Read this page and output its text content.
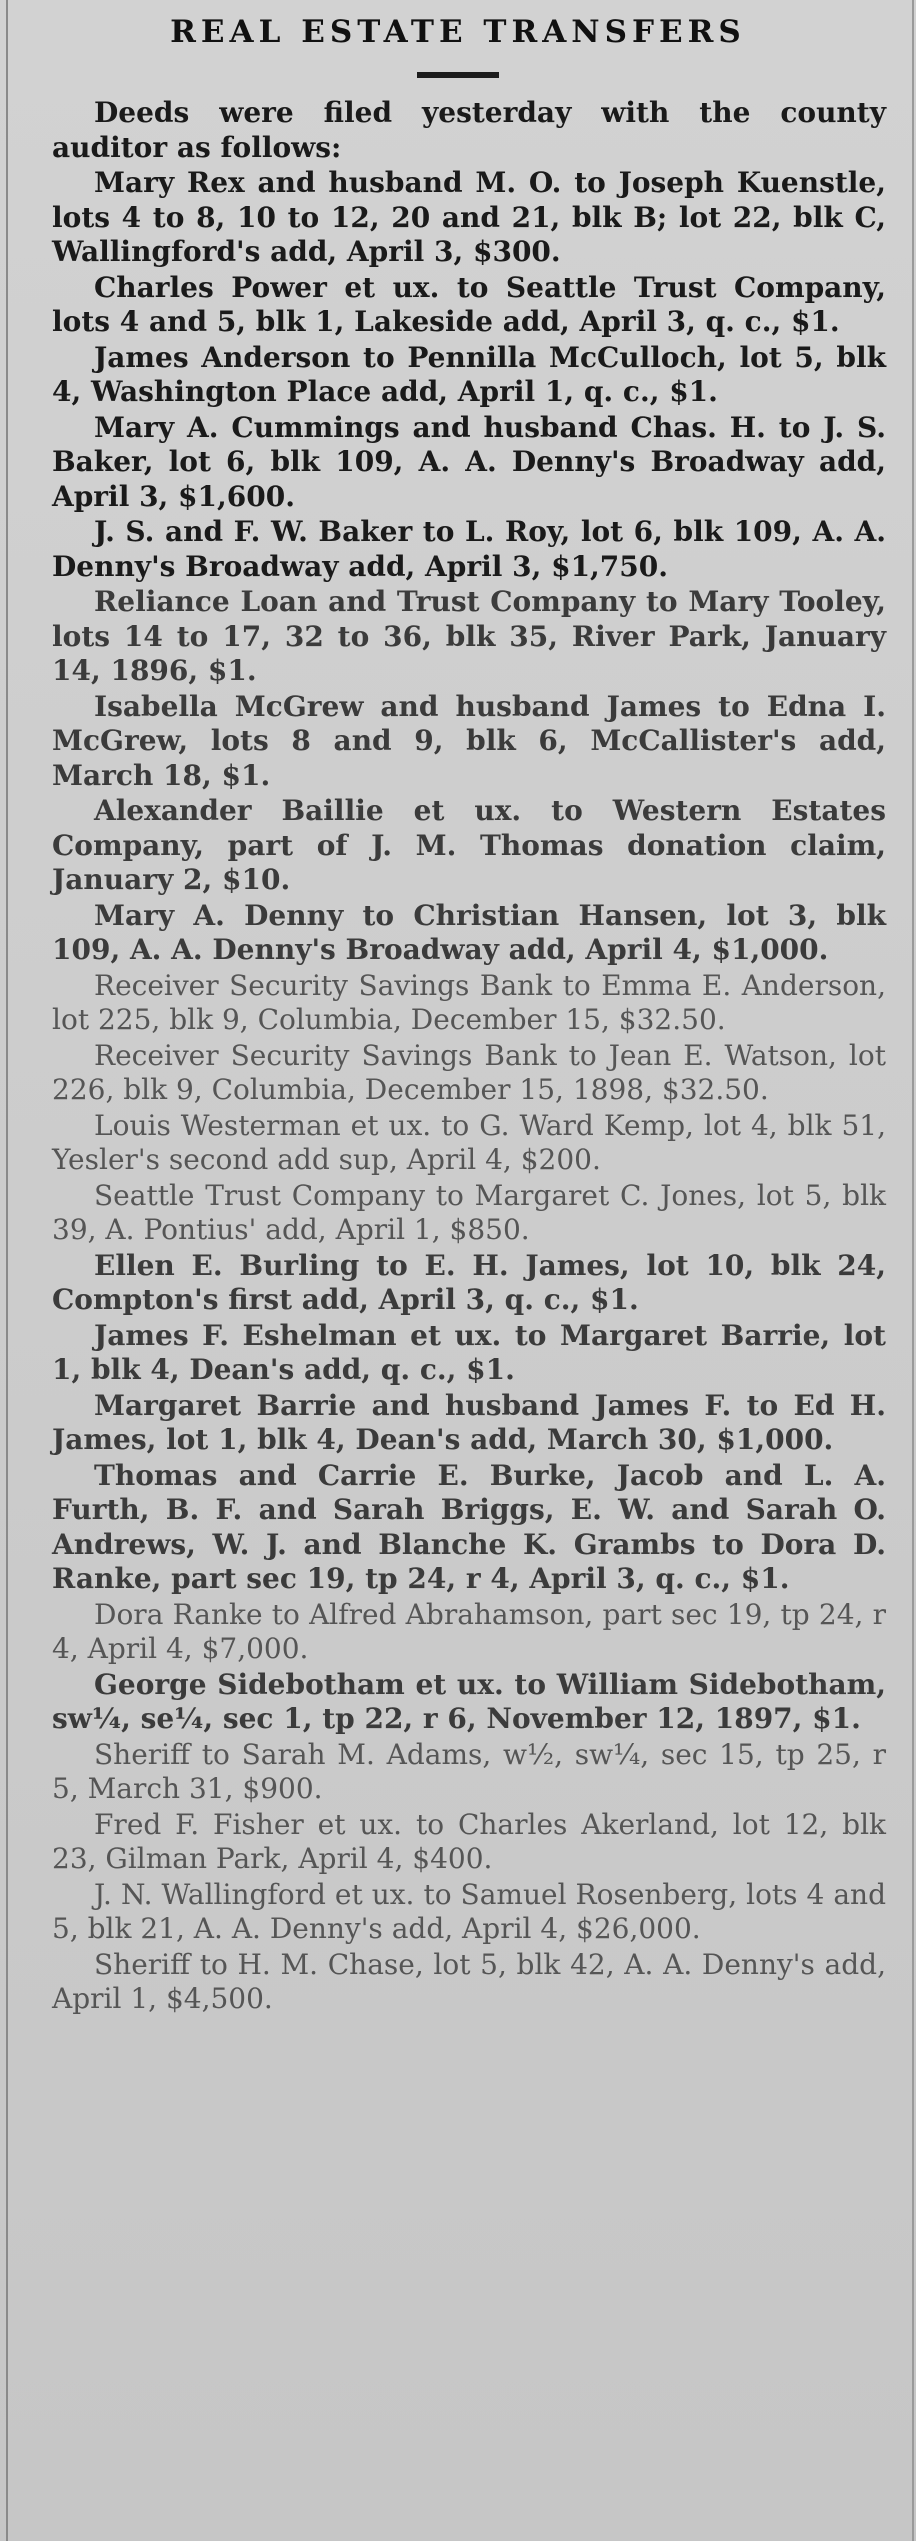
REAL ESTATE TRANSFERS

Deeds were filed yesterday with the county auditor as follows:

Mary Rex and husband M. O. to Joseph Kuenstle, lots 4 to 8, 10 to 12, 20 and 21, blk B; lot 22, blk C, Wallingford's add, April 3, $300.

Charles Power et ux. to Seattle Trust Company, lots 4 and 5, blk 1, Lakeside add, April 3, q. c., $1.

James Anderson to Pennilla McCulloch, lot 5, blk 4, Washington Place add, April 1, q. c., $1.

Mary A. Cummings and husband Chas. H. to J. S. Baker, lot 6, blk 109, A. A. Denny's Broadway add, April 3, $1,600.

J. S. and F. W. Baker to L. Roy, lot 6, blk 109, A. A. Denny's Broadway add, April 3, $1,750.

Reliance Loan and Trust Company to Mary Tooley, lots 14 to 17, 32 to 36, blk 35, River Park, January 14, 1896, $1.

Isabella McGrew and husband James to Edna I. McGrew, lots 8 and 9, blk 6, McCallister's add, March 18, $1.

Alexander Baillie et ux. to Western Estates Company, part of J. M. Thomas donation claim, January 2, $10.

Mary A. Denny to Christian Hansen, lot 3, blk 109, A. A. Denny's Broadway add, April 4, $1,000.

Receiver Security Savings Bank to Emma E. Anderson, lot 225, blk 9, Columbia, December 15, $32.50.

Receiver Security Savings Bank to Jean E. Watson, lot 226, blk 9, Columbia, December 15, 1898, $32.50.

Louis Westerman et ux. to G. Ward Kemp, lot 4, blk 51, Yesler's second add sup, April 4, $200.

Seattle Trust Company to Margaret C. Jones, lot 5, blk 39, A. Pontius' add, April 1, $850.

Ellen E. Burling to E. H. James, lot 10, blk 24, Compton's first add, April 3, q. c., $1.

James F. Eshelman et ux. to Margaret Barrie, lot 1, blk 4, Dean's add, q. c., $1.

Margaret Barrie and husband James F. to Ed H. James, lot 1, blk 4, Dean's add, March 30, $1,000.

Thomas and Carrie E. Burke, Jacob and L. A. Furth, B. F. and Sarah Briggs, E. W. and Sarah O. Andrews, W. J. and Blanche K. Grambs to Dora D. Ranke, part sec 19, tp 24, r 4, April 3, q. c., $1.

Dora Ranke to Alfred Abrahamson, part sec 19, tp 24, r 4, April 4, $7,000.

George Sidebotham et ux. to William Sidebotham, sw¼, se¼, sec 1, tp 22, r 6, November 12, 1897, $1.

Sheriff to Sarah M. Adams, w½, sw¼, sec 15, tp 25, r 5, March 31, $900.

Fred F. Fisher et ux. to Charles Akerland, lot 12, blk 23, Gilman Park, April 4, $400.

J. N. Wallingford et ux. to Samuel Rosenberg, lots 4 and 5, blk 21, A. A. Denny's add, April 4, $26,000.

Sheriff to H. M. Chase, lot 5, blk 42, A. A. Denny's add, April 1, $4,500.
